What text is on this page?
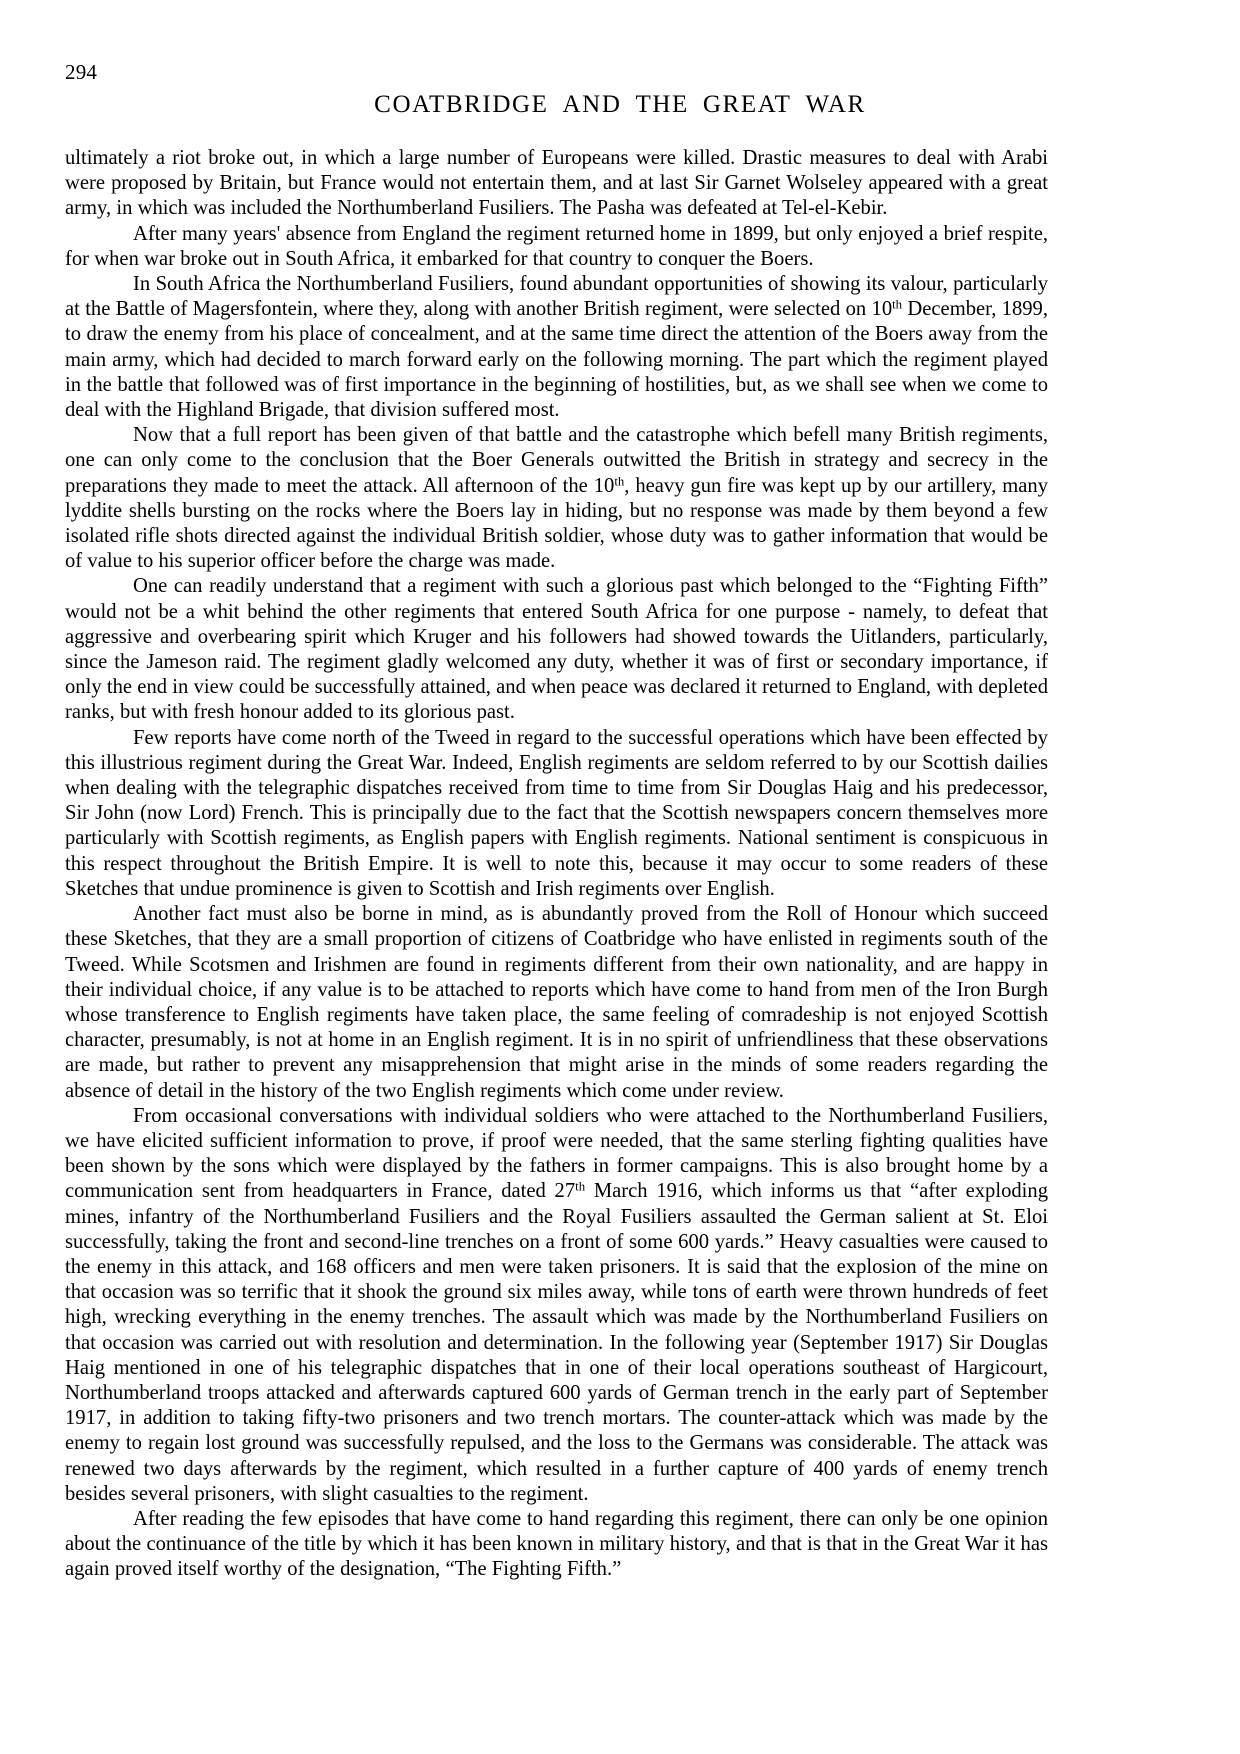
294
COATBRIDGE AND THE GREAT WAR

ultimately a riot broke out, in which a large number of Europeans were killed. Drastic measures to deal with Arabi were proposed by Britain, but France would not entertain them, and at last Sir Garnet Wolseley appeared with a great army, in which was included the Northumberland Fusiliers. The Pasha was defeated at Tel-el-Kebir.

After many years' absence from England the regiment returned home in 1899, but only enjoyed a brief respite, for when war broke out in South Africa, it embarked for that country to conquer the Boers.

In South Africa the Northumberland Fusiliers, found abundant opportunities of showing its valour, particularly at the Battle of Magersfontein, where they, along with another British regiment, were selected on 10th December, 1899, to draw the enemy from his place of concealment, and at the same time direct the attention of the Boers away from the main army, which had decided to march forward early on the following morning. The part which the regiment played in the battle that followed was of first importance in the beginning of hostilities, but, as we shall see when we come to deal with the Highland Brigade, that division suffered most.

Now that a full report has been given of that battle and the catastrophe which befell many British regiments, one can only come to the conclusion that the Boer Generals outwitted the British in strategy and secrecy in the preparations they made to meet the attack. All afternoon of the 10th, heavy gun fire was kept up by our artillery, many lyddite shells bursting on the rocks where the Boers lay in hiding, but no response was made by them beyond a few isolated rifle shots directed against the individual British soldier, whose duty was to gather information that would be of value to his superior officer before the charge was made.

One can readily understand that a regiment with such a glorious past which belonged to the “Fighting Fifth” would not be a whit behind the other regiments that entered South Africa for one purpose - namely, to defeat that aggressive and overbearing spirit which Kruger and his followers had showed towards the Uitlanders, particularly, since the Jameson raid. The regiment gladly welcomed any duty, whether it was of first or secondary importance, if only the end in view could be successfully attained, and when peace was declared it returned to England, with depleted ranks, but with fresh honour added to its glorious past.

Few reports have come north of the Tweed in regard to the successful operations which have been effected by this illustrious regiment during the Great War. Indeed, English regiments are seldom referred to by our Scottish dailies when dealing with the telegraphic dispatches received from time to time from Sir Douglas Haig and his predecessor, Sir John (now Lord) French. This is principally due to the fact that the Scottish newspapers concern themselves more particularly with Scottish regiments, as English papers with English regiments. National sentiment is conspicuous in this respect throughout the British Empire. It is well to note this, because it may occur to some readers of these Sketches that undue prominence is given to Scottish and Irish regiments over English.

Another fact must also be borne in mind, as is abundantly proved from the Roll of Honour which succeed these Sketches, that they are a small proportion of citizens of Coatbridge who have enlisted in regiments south of the Tweed. While Scotsmen and Irishmen are found in regiments different from their own nationality, and are happy in their individual choice, if any value is to be attached to reports which have come to hand from men of the Iron Burgh whose transference to English regiments have taken place, the same feeling of comradeship is not enjoyed Scottish character, presumably, is not at home in an English regiment. It is in no spirit of unfriendliness that these observations are made, but rather to prevent any misapprehension that might arise in the minds of some readers regarding the absence of detail in the history of the two English regiments which come under review.

From occasional conversations with individual soldiers who were attached to the Northumberland Fusiliers, we have elicited sufficient information to prove, if proof were needed, that the same sterling fighting qualities have been shown by the sons which were displayed by the fathers in former campaigns. This is also brought home by a communication sent from headquarters in France, dated 27th March 1916, which informs us that “after exploding mines, infantry of the Northumberland Fusiliers and the Royal Fusiliers assaulted the German salient at St. Eloi successfully, taking the front and second-line trenches on a front of some 600 yards.” Heavy casualties were caused to the enemy in this attack, and 168 officers and men were taken prisoners. It is said that the explosion of the mine on that occasion was so terrific that it shook the ground six miles away, while tons of earth were thrown hundreds of feet high, wrecking everything in the enemy trenches. The assault which was made by the Northumberland Fusiliers on that occasion was carried out with resolution and determination. In the following year (September 1917) Sir Douglas Haig mentioned in one of his telegraphic dispatches that in one of their local operations southeast of Hargicourt, Northumberland troops attacked and afterwards captured 600 yards of German trench in the early part of September 1917, in addition to taking fifty-two prisoners and two trench mortars. The counter-attack which was made by the enemy to regain lost ground was successfully repulsed, and the loss to the Germans was considerable. The attack was renewed two days afterwards by the regiment, which resulted in a further capture of 400 yards of enemy trench besides several prisoners, with slight casualties to the regiment.

After reading the few episodes that have come to hand regarding this regiment, there can only be one opinion about the continuance of the title by which it has been known in military history, and that is that in the Great War it has again proved itself worthy of the designation, “The Fighting Fifth.”
